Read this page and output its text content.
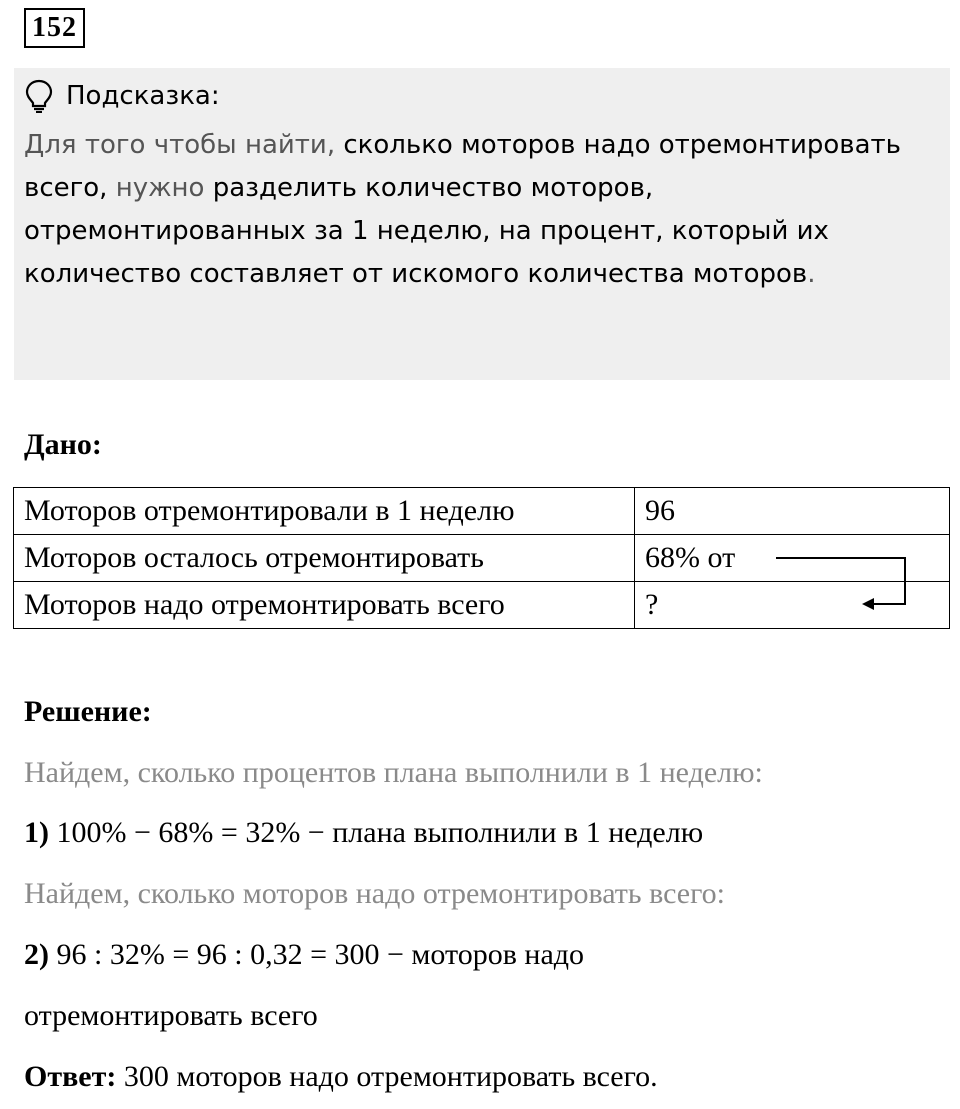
152
Подсказка:
Для того чтобы найти, сколько моторов надо отремонтировать всего, нужно разделить количество моторов, отремонтированных за 1 неделю, на процент, который их количество составляет от искомого количества моторов.
Дано:
Моторов отремонтировали в 1 неделю	96
Моторов осталось отремонтировать	68% от
Моторов надо отремонтировать всего	?
Решение:
Найдем, сколько процентов плана выполнили в 1 неделю:
1) 100% − 68% = 32% − плана выполнили в 1 неделю
Найдем, сколько моторов надо отремонтировать всего:
2) 96 : 32% = 96 : 0,32 = 300 − моторов надо
отремонтировать всего
Ответ: 300 моторов надо отремонтировать всего.
